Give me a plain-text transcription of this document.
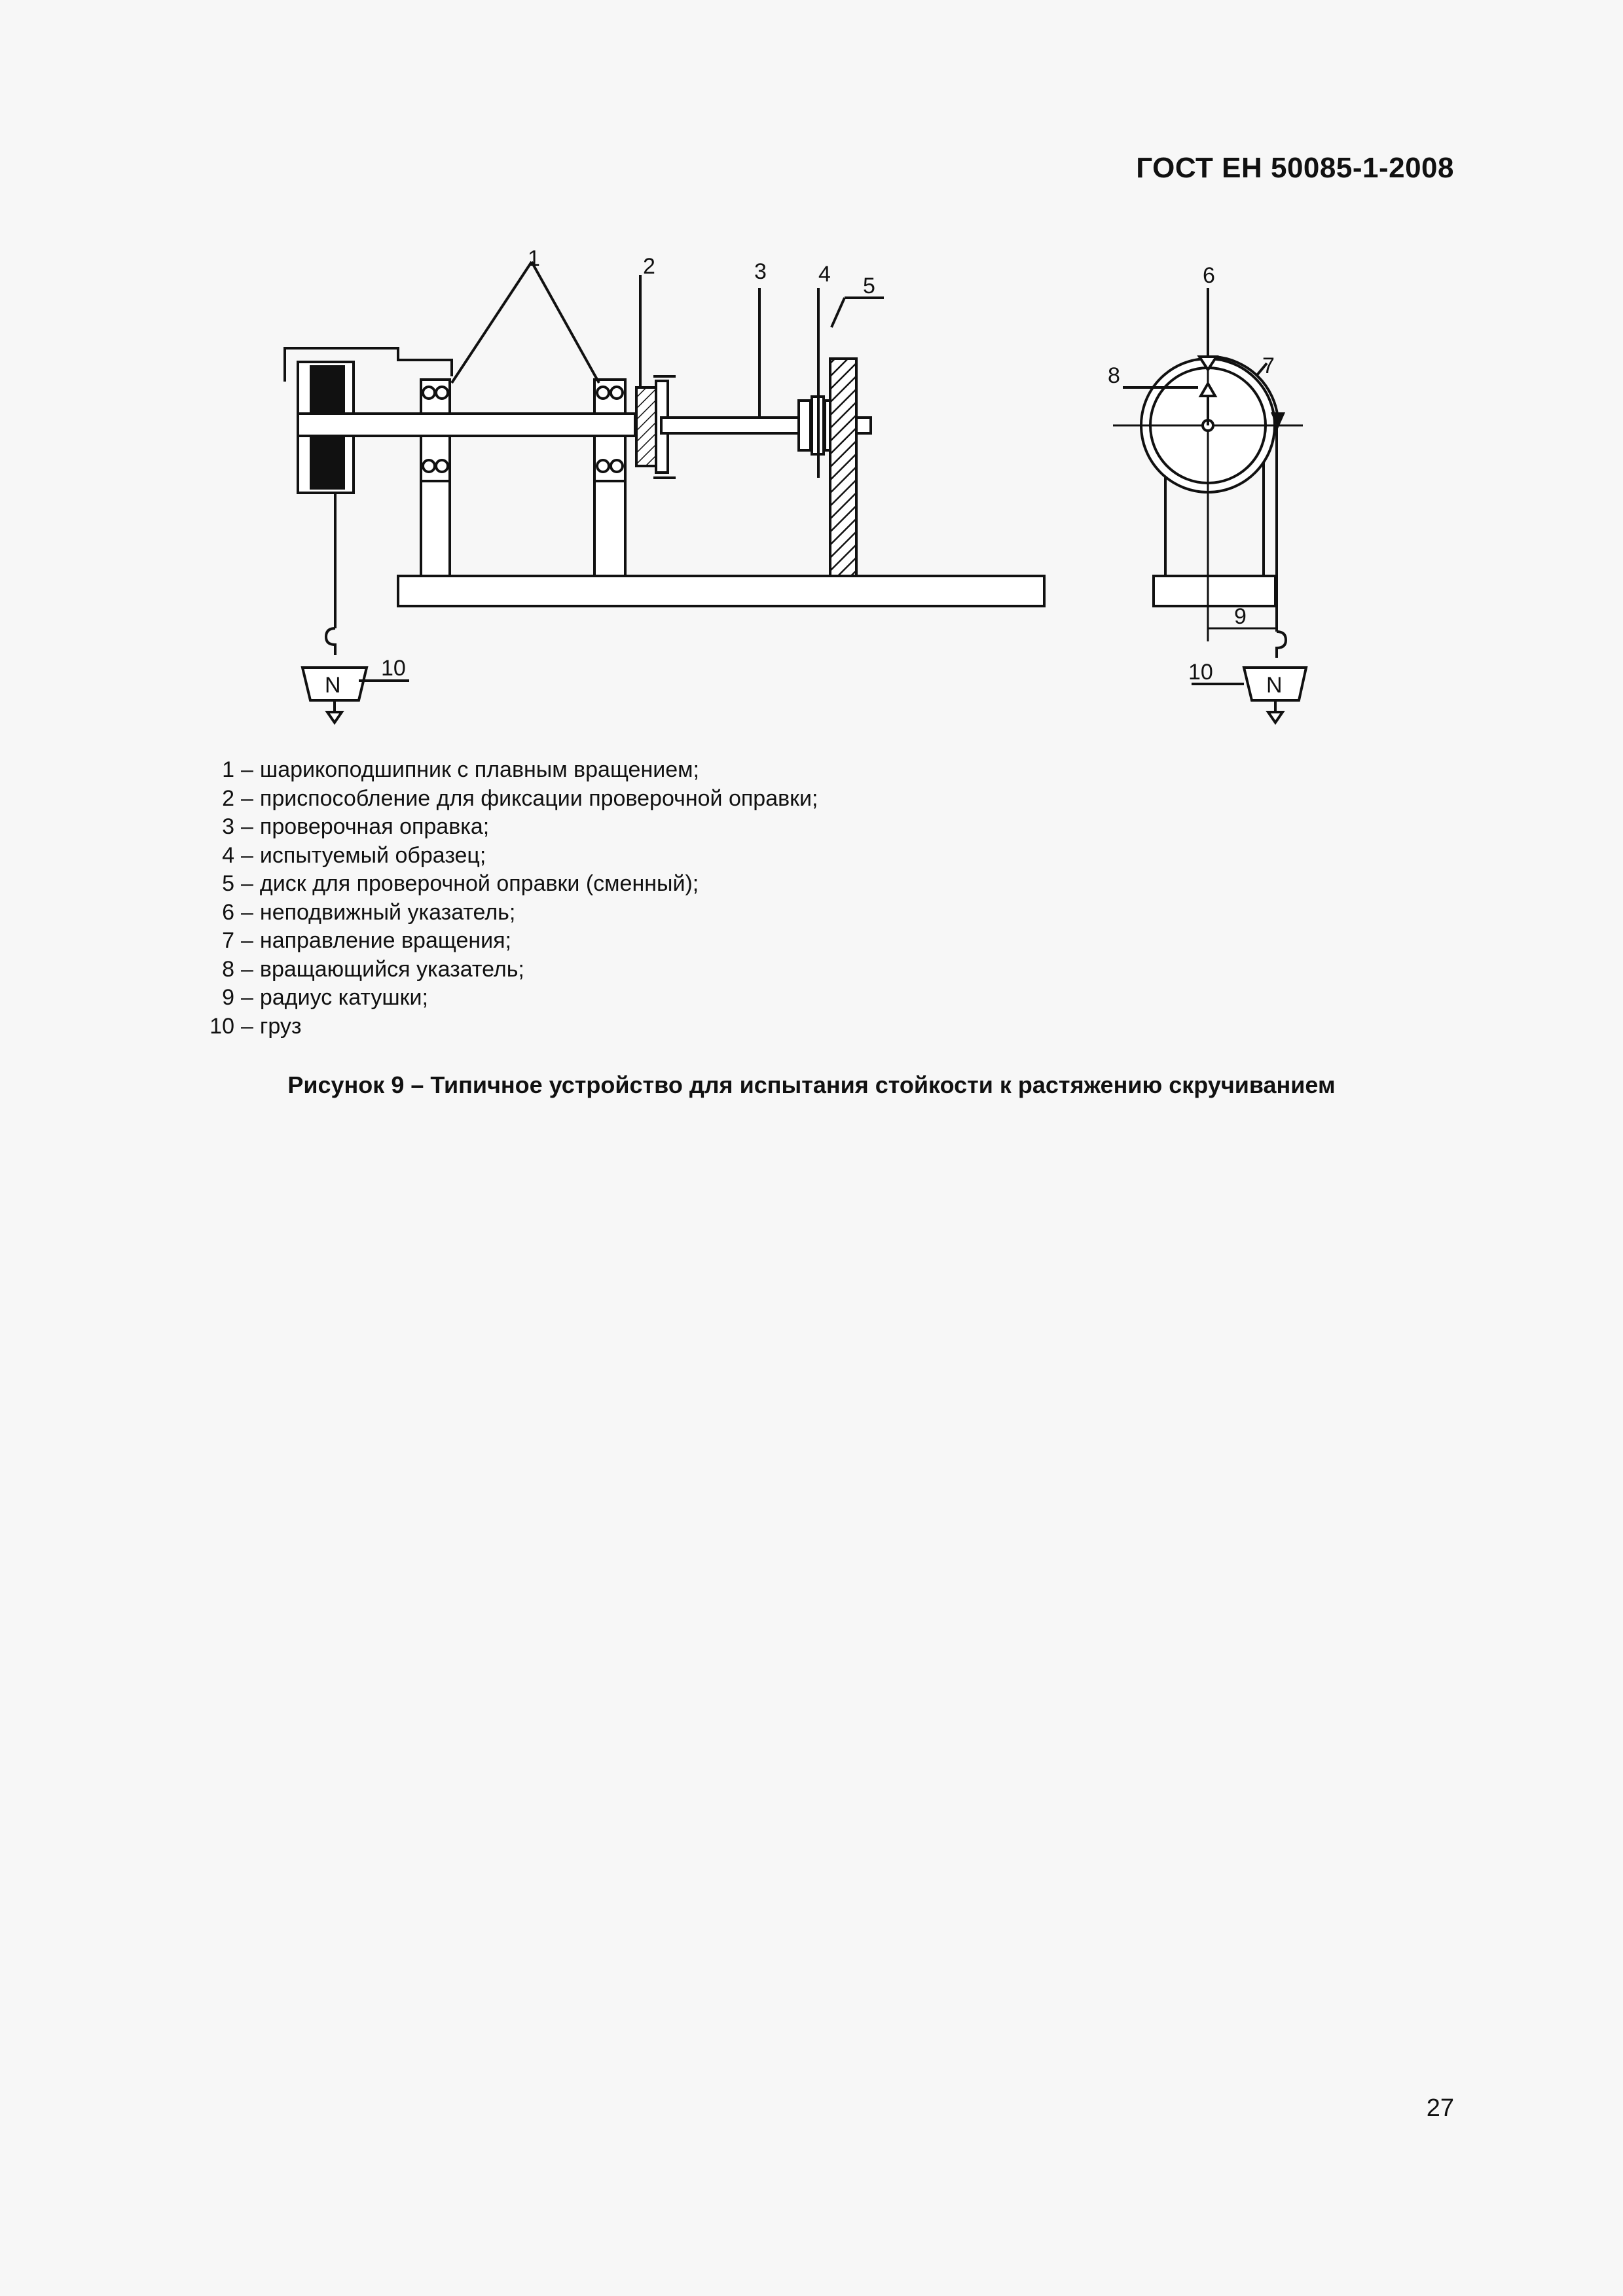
ГОСТ ЕН 50085-1-2008
1	2	3 4 5	6
7
8
9
10	10
N	N
1 – шарикоподшипник с плавным вращением;
2 – приспособление для фиксации проверочной оправки;
3 – проверочная оправка;
4 – испытуемый образец;
5 – диск для проверочной оправки (сменный);
6 – неподвижный указатель;
7 – направление вращения;
8 – вращающийся указатель;
9 – радиус катушки;
10 – груз
Рисунок 9 – Типичное устройство для испытания стойкости к растяжению скручиванием
27
